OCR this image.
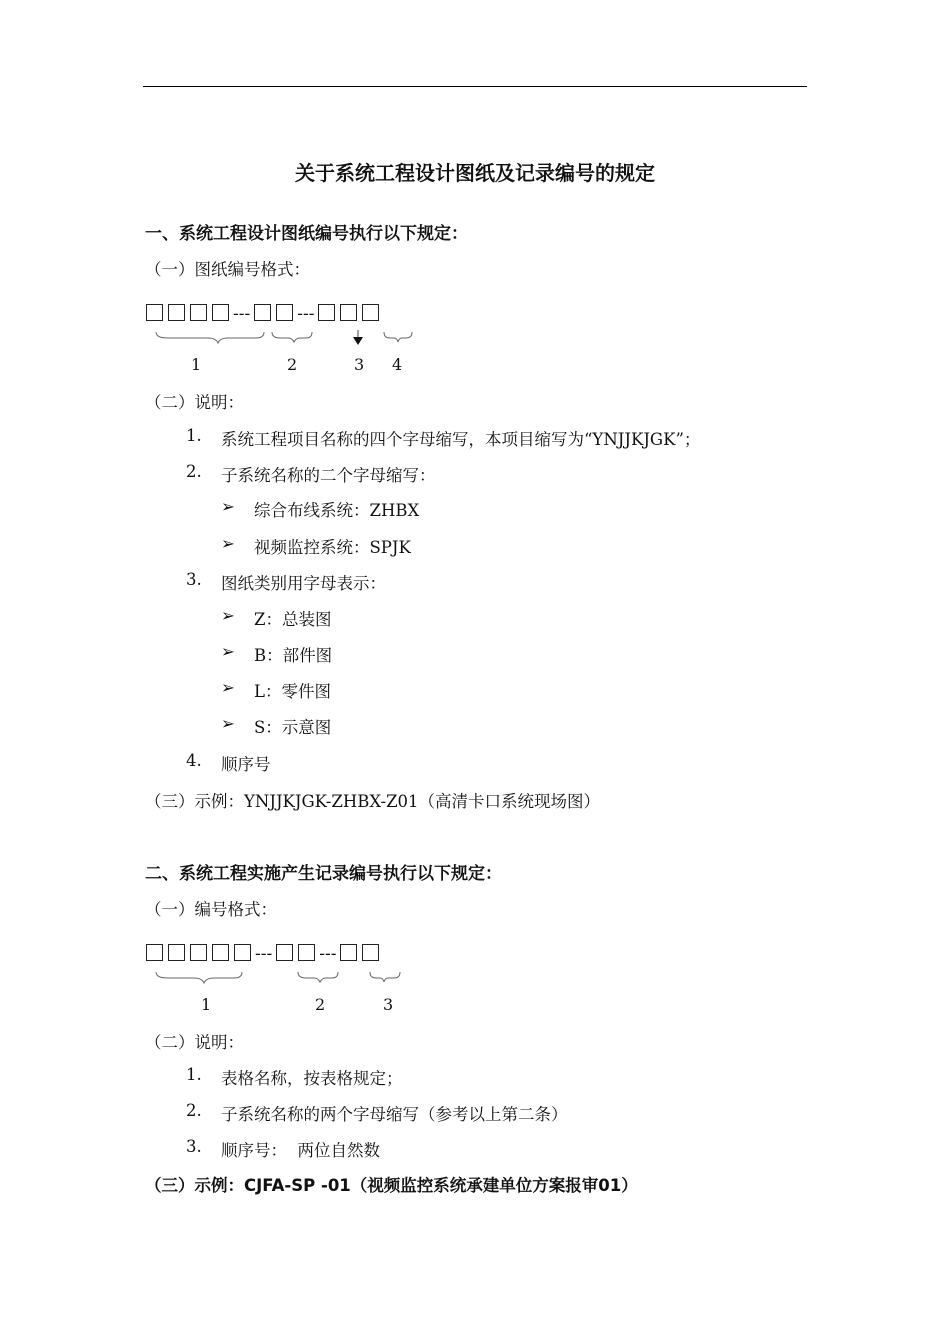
关于系统工程设计图纸及记录编号的规定
一、系统工程设计图纸编号执行以下规定：
（一）图纸编号格式：
---	---
1	2	3 4
（二）说明：
1. 系统工程项目名称的四个字母缩写，本项目缩写为“YNJJKJGK”；
2. 子系统名称的二个字母缩写：
➢ 综合布线系统：ZHBX
➢ 视频监控系统：SPJK
3. 图纸类别用字母表示：
➢ Z：总装图
➢ B：部件图
➢ L：零件图
➢ S：示意图
4. 顺序号
（三）示例：YNJJKJGK-ZHBX-Z01（高清卡口系统现场图）
二、系统工程实施产生记录编号执行以下规定：
（一）编号格式：
---	---
1	2	3
（二）说明：
1. 表格名称，按表格规定；
2. 子系统名称的两个字母缩写（参考以上第二条）
3. 顺序号：  两位自然数
（三）示例：CJFA-SP -01（视频监控系统承建单位方案报审01）
